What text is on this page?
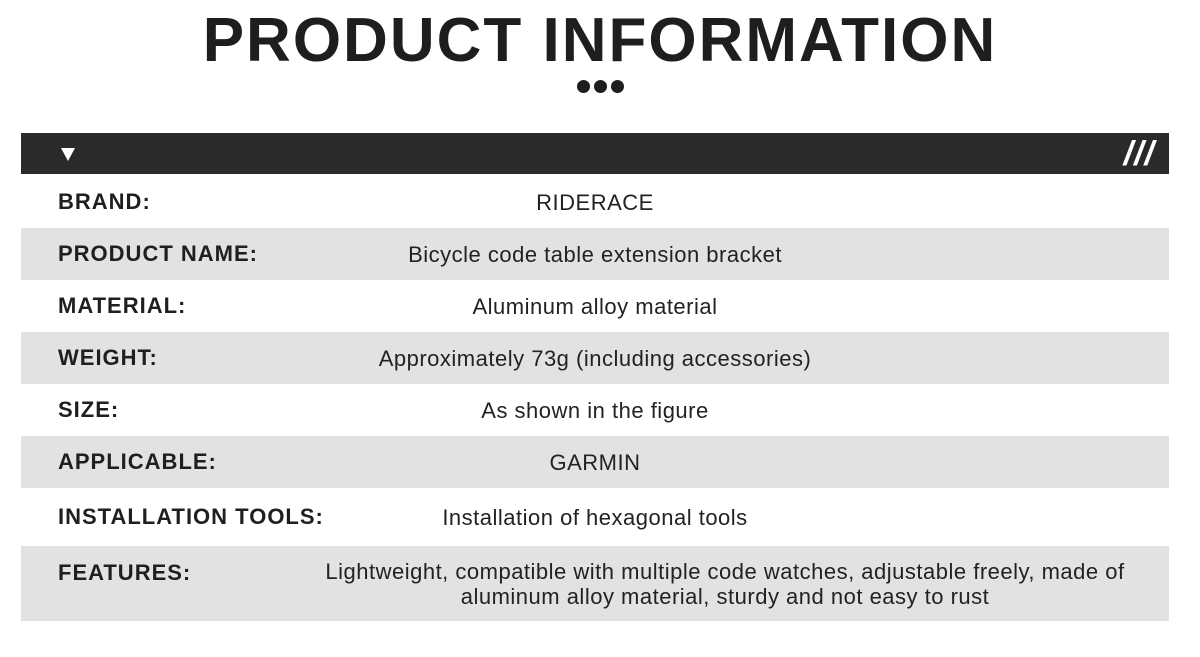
PRODUCT INFORMATION
///
BRAND:	RIDERACE
PRODUCT NAME:	Bicycle code table extension bracket
MATERIAL:	Aluminum alloy material
WEIGHT:	Approximately 73g (including accessories)
SIZE:	As shown in the figure
APPLICABLE:	GARMIN
INSTALLATION TOOLS:	Installation of hexagonal tools
FEATURES:	Lightweight, compatible with multiple code watches, adjustable freely, made of aluminum alloy material, sturdy and not easy to rust
